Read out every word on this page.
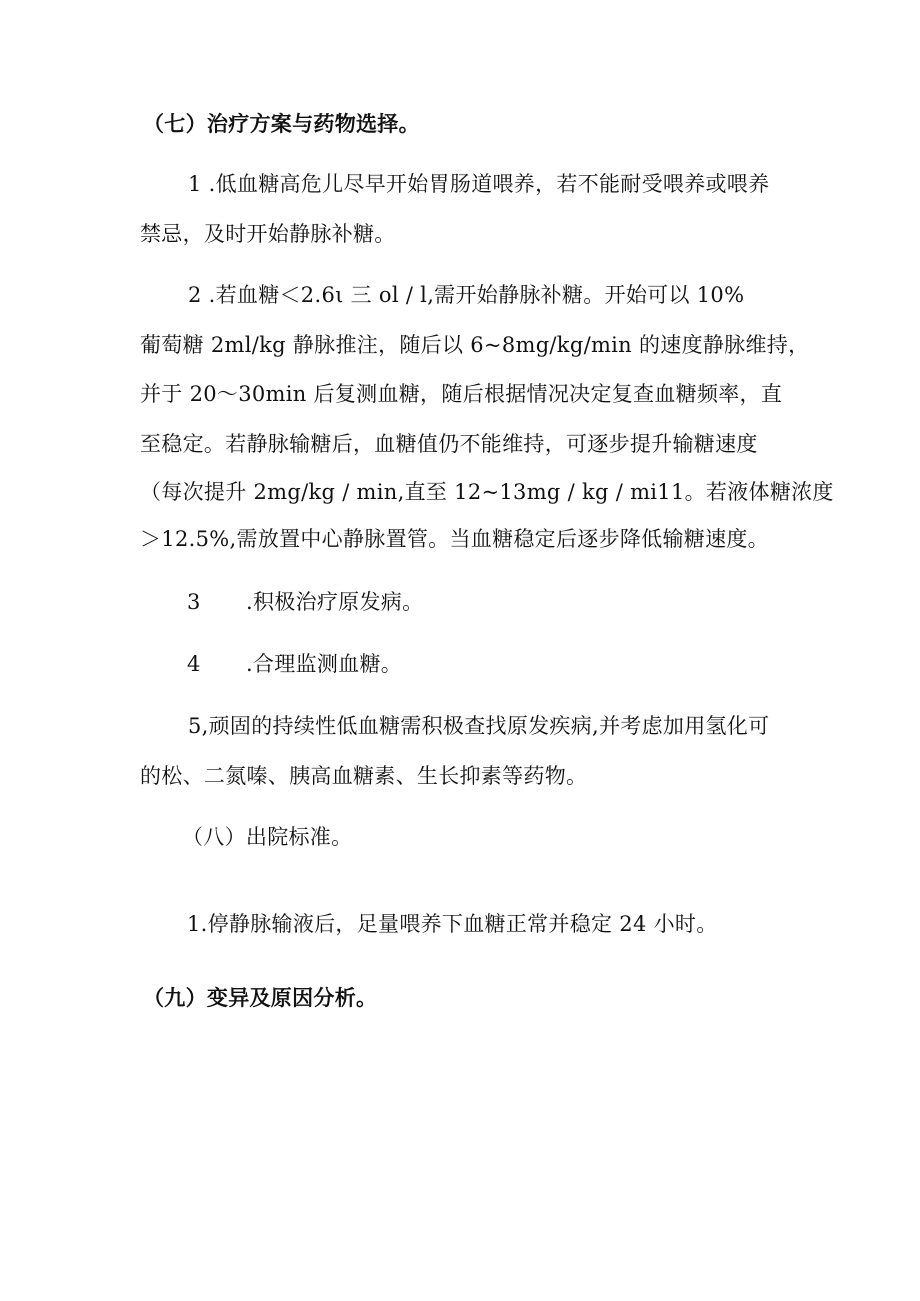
（七）治疗方案与药物选择。
1 .低血糖高危儿尽早开始胃肠道喂养，若不能耐受喂养或喂养
禁忌，及时开始静脉补糖。
2 .若血糖＜2.6ι 三 ol / l,需开始静脉补糖。开始可以 10%
葡萄糖 2ml/kg 静脉推注，随后以 6~8mg/kg/min 的速度静脉维持，
并于 20～30min 后复测血糖，随后根据情况决定复查血糖频率，直
至稳定。若静脉输糖后，血糖值仍不能维持，可逐步提升输糖速度
（每次提升 2mg/kg / min,直至 12~13mg / kg / mi11。若液体糖浓度
＞12.5%,需放置中心静脉置管。当血糖稳定后逐步降低输糖速度。
3 .积极治疗原发病。
4 .合理监测血糖。
5,顽固的持续性低血糖需积极查找原发疾病,并考虑加用氢化可
的松、二氮嗪、胰高血糖素、生长抑素等药物。
（八）出院标准。
1.停静脉输液后，足量喂养下血糖正常并稳定 24 小时。
（九）变异及原因分析。
